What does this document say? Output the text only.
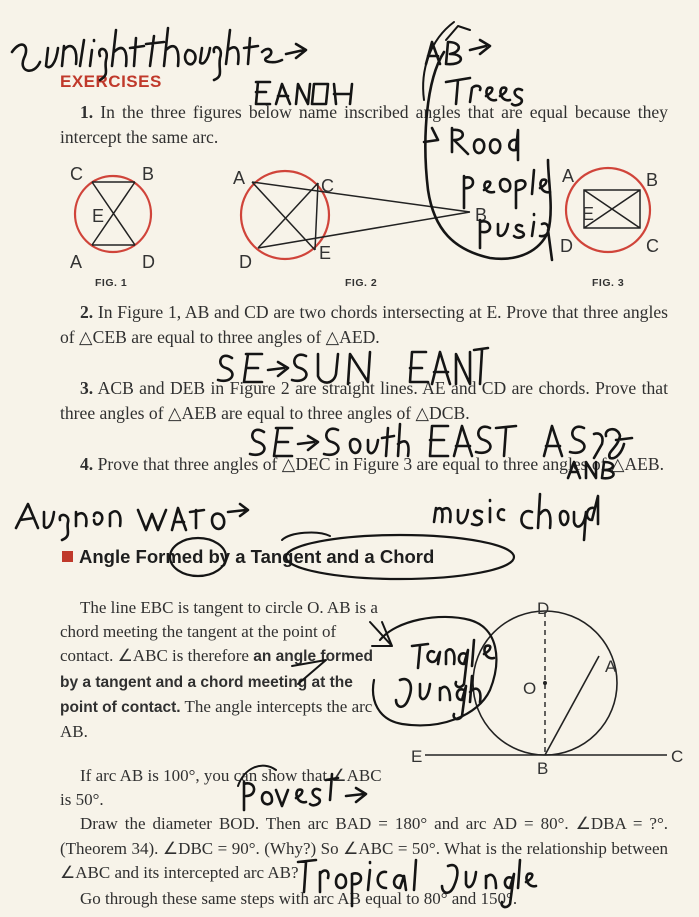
EXERCISES
1. In the three figures below name inscribed angles that are equal because they intercept the same arc.
C	B
E
A	D
FIG. 1
A	C
B
D	E
FIG. 2
A	B
E
D	C
FIG. 3
2. In Figure 1, AB and CD are two chords intersecting at E. Prove that three angles of △CEB are equal to three angles of △AED.
3. ACB and DEB in Figure 2 are straight lines. AE and CD are chords. Prove that three angles of △AEB are equal to three angles of △DCB.
4. Prove that three angles of △DEC in Figure 3 are equal to three angles of △AEB.
Angle Formed by a Tangent and a Chord
The line EBC is tangent to circle O. AB is a chord meeting the tangent at the point of contact. ∠ABC is therefore an angle formed by a tangent and a chord meeting at the point of contact. The angle intercepts the arc AB.
If arc AB is 100°, you can show that ∠ABC is 50°.
Draw the diameter BOD. Then arc BAD = 180° and arc AD = 80°. ∠DBA = ?°. (Theorem 34). ∠DBC = 90°. (Why?) So ∠ABC = 50°. What is the relationship between ∠ABC and its intercepted arc AB?
Go through these same steps with arc AB equal to 80° and 150°.
D
A
O
E
B
C
